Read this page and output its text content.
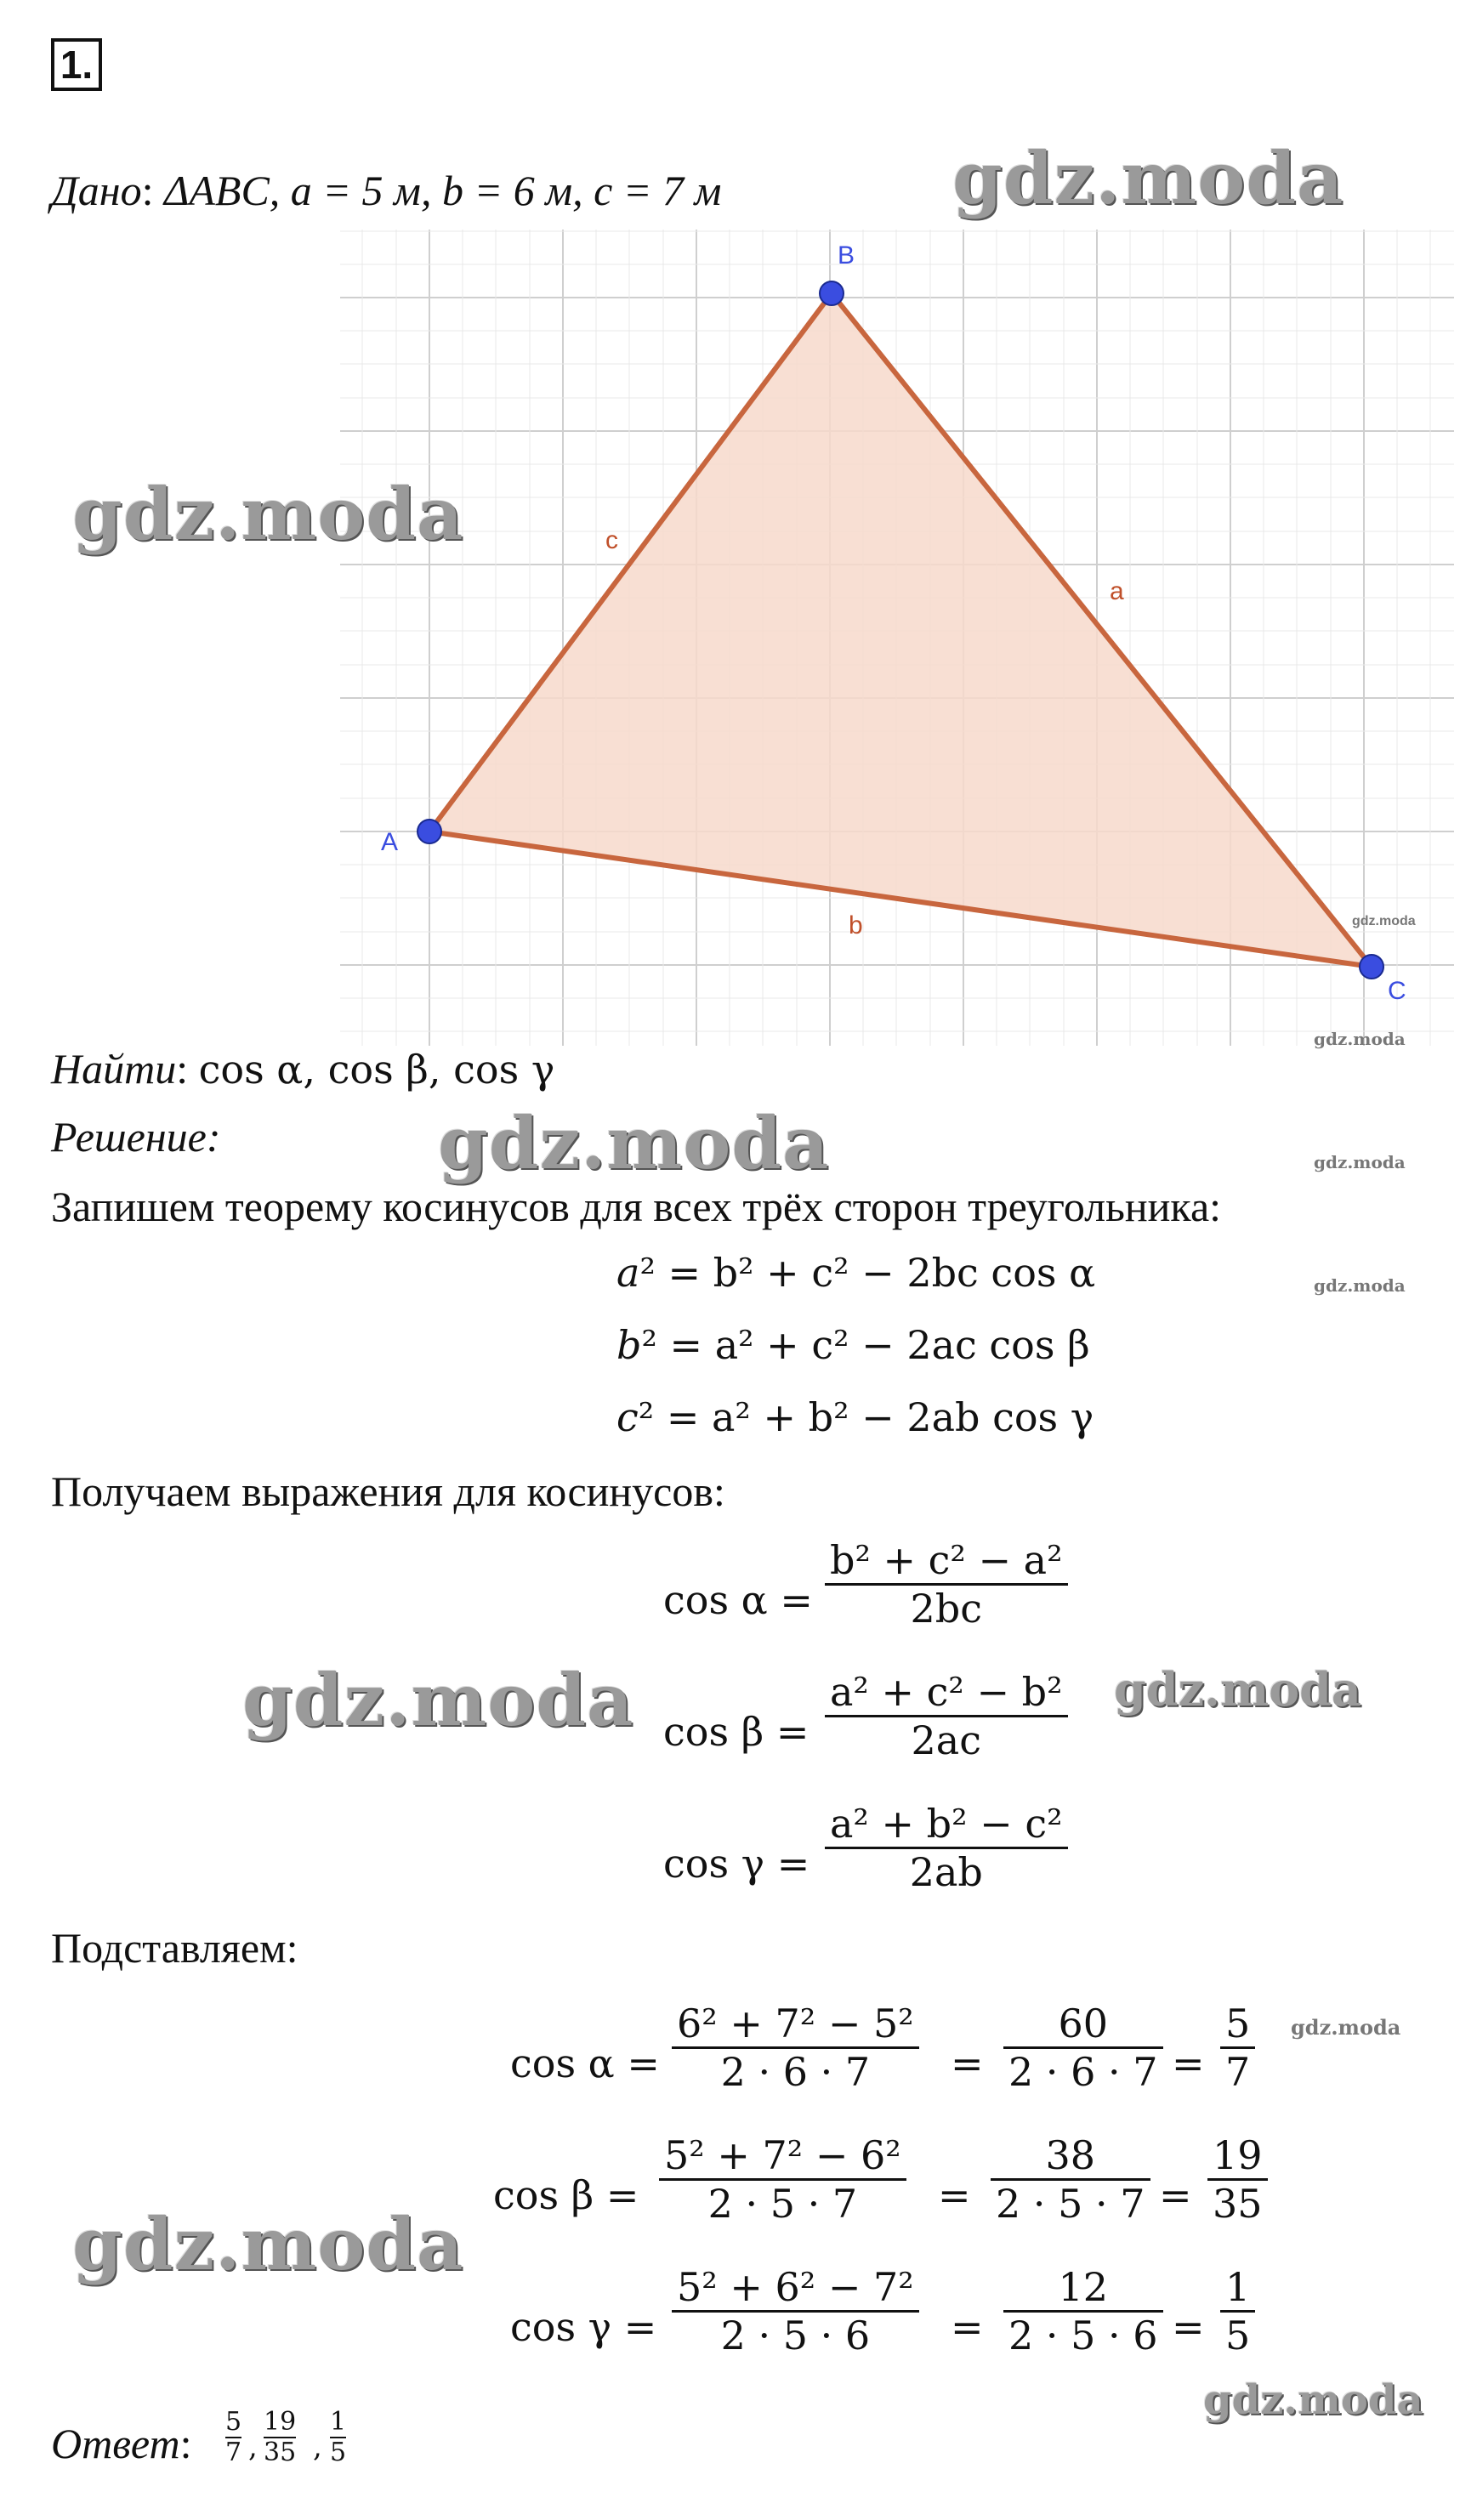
1.
Дано: ΔABC, a = 5 м, b = 6 м, c = 7 м
A
B
C
a
b
c
gdz.moda
gdz.moda
gdz.moda
gdz.moda
gdz.moda	gdz.moda
gdz.moda
gdz.moda
gdz.moda
gdz.moda
gdz.moda
gdz.moda
Найти: cos α, cos β, cos γ
Решение:
Запишем теорему косинусов для всех трёх сторон треугольника:
a² = b² + c² − 2bc cos α
b² = a² + c² − 2ac cos β
c² = a² + b² − 2ab cos γ
Получаем выражения для косинусов:
cos α =
b² + c² − a²
2bc
cos β =
a² + c² − b²
2ac
cos γ =
a² + b² − c²
2ab
Подставляем:
cos α =
6² + 7² − 5²
2 · 6 · 7 =
60
2 · 6 · 7 =
5
7
cos β =
5² + 7² − 6²
2 · 5 · 7 =
38
2 · 5 · 7 =
19
35
cos γ =
5² + 6² − 7²
2 · 5 · 6 =
12
2 · 5 · 6 =
1
5
Ответ: 5
7 ,
19
35 ,
1
5
